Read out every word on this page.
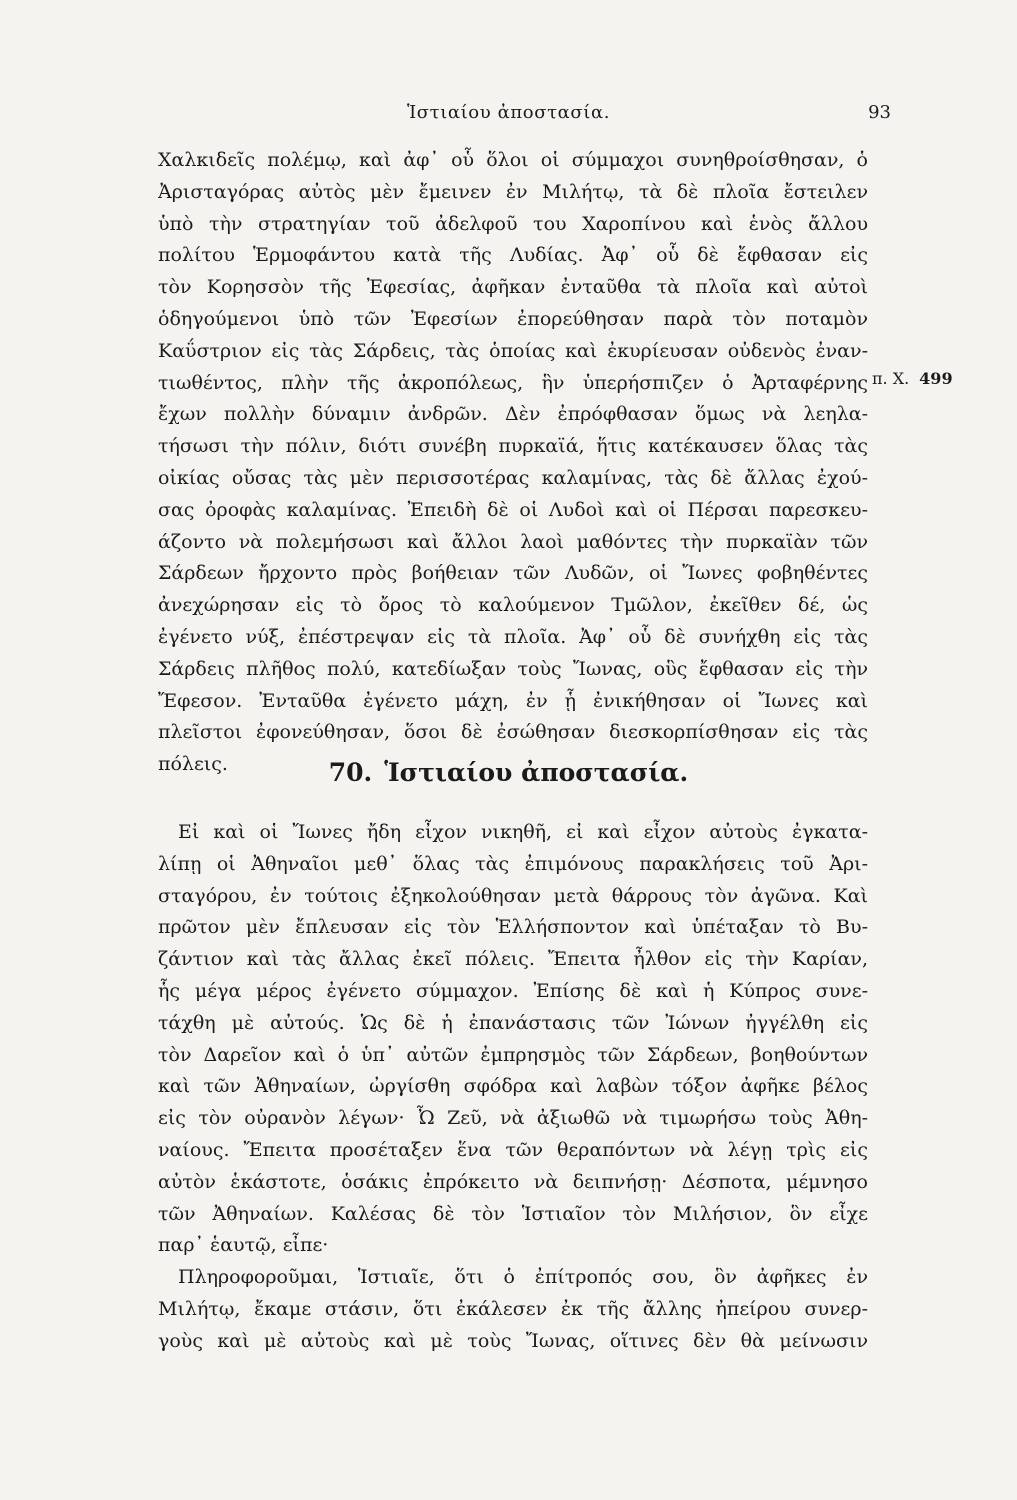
Ἱστιαίου ἀποστασία.	93
π. Χ. 499
Χαλκιδεῖς πολέμῳ, καὶ ἀφ᾽ οὗ ὅλοι οἱ σύμμαχοι συνηθροίσθησαν, ὁ
Ἀρισταγόρας αὐτὸς μὲν ἔμεινεν ἐν Μιλήτῳ, τὰ δὲ πλοῖα ἔστειλεν
ὑπὸ τὴν στρατηγίαν τοῦ ἀδελφοῦ του Χαροπίνου καὶ ἑνὸς ἄλλου
πολίτου Ἑρμοφάντου κατὰ τῆς Λυδίας. Ἀφ᾽ οὗ δὲ ἔφθασαν εἰς
τὸν Κορησσὸν τῆς Ἐφεσίας, ἀφῆκαν ἐνταῦθα τὰ πλοῖα καὶ αὐτοὶ
ὁδηγούμενοι ὑπὸ τῶν Ἐφεσίων ἐπορεύθησαν παρὰ τὸν ποταμὸν
Καΰστριον εἰς τὰς Σάρδεις, τὰς ὁποίας καὶ ἐκυρίευσαν οὐδενὸς ἐναν-
τιωθέντος, πλὴν τῆς ἀκροπόλεως, ἣν ὑπερήσπιζεν ὁ Ἀρταφέρνης
ἔχων πολλὴν δύναμιν ἀνδρῶν. Δὲν ἐπρόφθασαν ὅμως νὰ λεηλα-
τήσωσι τὴν πόλιν, διότι συνέβη πυρκαϊά, ἥτις κατέκαυσεν ὅλας τὰς
οἰκίας οὔσας τὰς μὲν περισσοτέρας καλαμίνας, τὰς δὲ ἄλλας ἐχού-
σας ὀροφὰς καλαμίνας. Ἐπειδὴ δὲ οἱ Λυδοὶ καὶ οἱ Πέρσαι παρεσκευ-
άζοντο νὰ πολεμήσωσι καὶ ἄλλοι λαοὶ μαθόντες τὴν πυρκαϊὰν τῶν
Σάρδεων ἤρχοντο πρὸς βοήθειαν τῶν Λυδῶν, οἱ Ἴωνες φοβηθέντες
ἀνεχώρησαν εἰς τὸ ὄρος τὸ καλούμενον Τμῶλον, ἐκεῖθεν δέ, ὡς
ἐγένετο νύξ, ἐπέστρεψαν εἰς τὰ πλοῖα. Ἀφ᾽ οὗ δὲ συνήχθη εἰς τὰς
Σάρδεις πλῆθος πολύ, κατεδίωξαν τοὺς Ἴωνας, οὓς ἔφθασαν εἰς τὴν
Ἔφεσον. Ἐνταῦθα ἐγένετο μάχη, ἐν ᾗ ἐνικήθησαν οἱ Ἴωνες καὶ
πλεῖστοι ἐφονεύθησαν, ὅσοι δὲ ἐσώθησαν διεσκορπίσθησαν εἰς τὰς
πόλεις.	70. Ἱστιαίου ἀποστασία.
Εἰ καὶ οἱ Ἴωνες ἤδη εἶχον νικηθῆ, εἰ καὶ εἶχον αὐτοὺς ἐγκατα-
λίπῃ οἱ Ἀθηναῖοι μεθ᾽ ὅλας τὰς ἐπιμόνους παρακλήσεις τοῦ Ἀρι-
σταγόρου, ἐν τούτοις ἐξηκολούθησαν μετὰ θάρρους τὸν ἀγῶνα. Καὶ
πρῶτον μὲν ἔπλευσαν εἰς τὸν Ἑλλήσποντον καὶ ὑπέταξαν τὸ Βυ-
ζάντιον καὶ τὰς ἄλλας ἐκεῖ πόλεις. Ἔπειτα ἦλθον εἰς τὴν Καρίαν,
ἧς μέγα μέρος ἐγένετο σύμμαχον. Ἐπίσης δὲ καὶ ἡ Κύπρος συνε-
τάχθη μὲ αὐτούς. Ὡς δὲ ἡ ἐπανάστασις τῶν Ἰώνων ἠγγέλθη εἰς
τὸν Δαρεῖον καὶ ὁ ὑπ᾽ αὐτῶν ἐμπρησμὸς τῶν Σάρδεων, βοηθούντων
καὶ τῶν Ἀθηναίων, ὠργίσθη σφόδρα καὶ λαβὼν τόξον ἀφῆκε βέλος
εἰς τὸν οὐρανὸν λέγων· Ὦ Ζεῦ, νὰ ἀξιωθῶ νὰ τιμωρήσω τοὺς Ἀθη-
ναίους. Ἔπειτα προσέταξεν ἕνα τῶν θεραπόντων νὰ λέγῃ τρὶς εἰς
αὐτὸν ἑκάστοτε, ὁσάκις ἐπρόκειτο νὰ δειπνήσῃ· Δέσποτα, μέμνησο
τῶν Ἀθηναίων. Καλέσας δὲ τὸν Ἱστιαῖον τὸν Μιλήσιον, ὃν εἶχε
παρ᾽ ἑαυτῷ, εἶπε·
Πληροφοροῦμαι, Ἱστιαῖε, ὅτι ὁ ἐπίτροπός σου, ὃν ἀφῆκες ἐν
Μιλήτῳ, ἔκαμε στάσιν, ὅτι ἐκάλεσεν ἐκ τῆς ἄλλης ἠπείρου συνερ-
γοὺς καὶ μὲ αὐτοὺς καὶ μὲ τοὺς Ἴωνας, οἵτινες δὲν θὰ μείνωσιν
